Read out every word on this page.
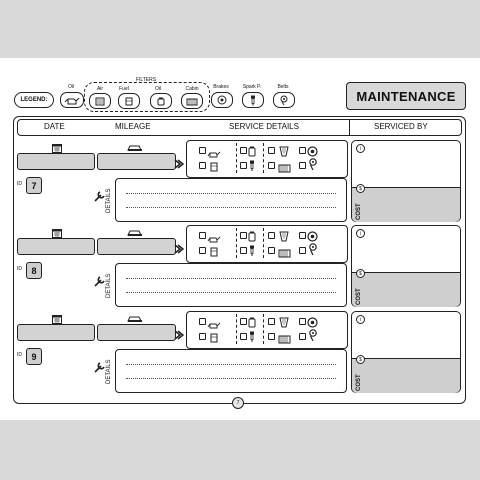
LEGEND:
Oil
FILTERS
Air	Fuel	Oil	Cabin	Brakes	Spark P.	Belts
MAINTENANCE
DATE	MILEAGE	SERVICE DETAILS	SERVICED BY
i
$
COST
ID	7
DETAILS
i
$
COST
ID	8
DETAILS
i
$
COST
ID	9
DETAILS
7
